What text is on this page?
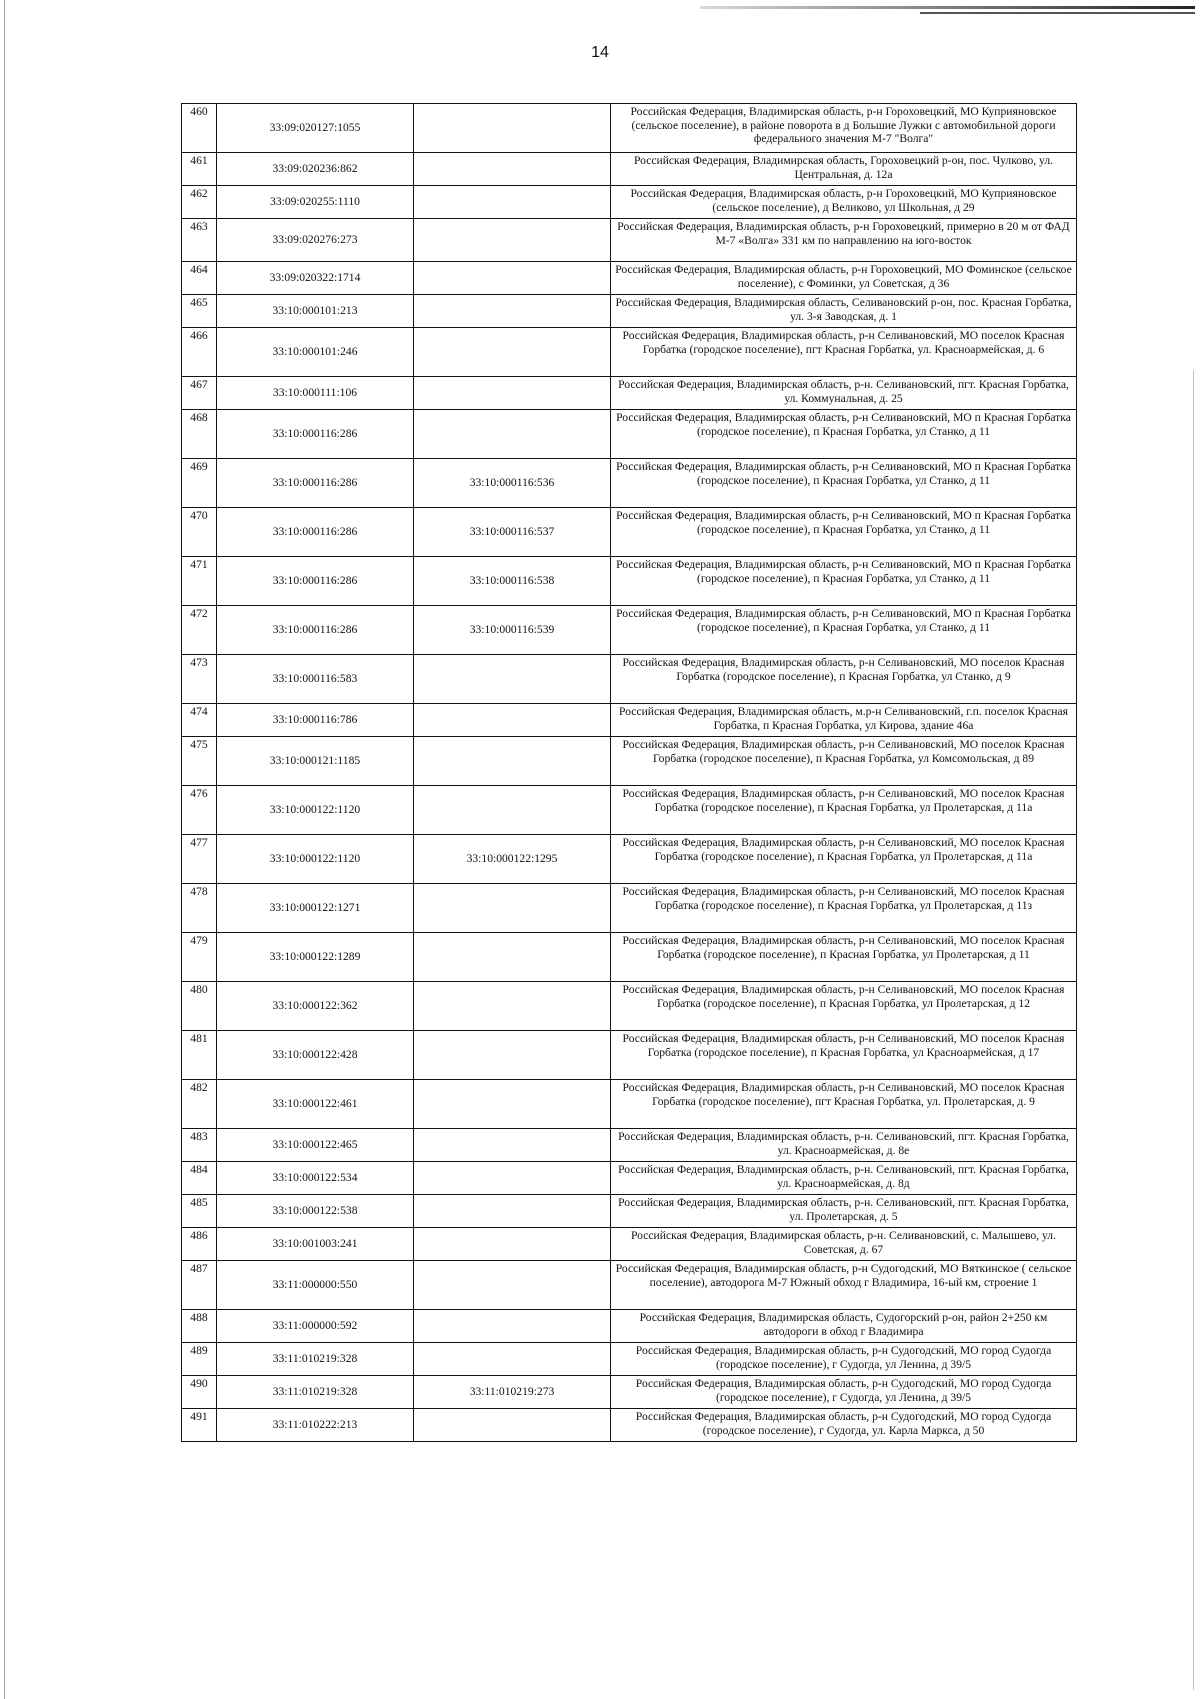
14
460	33:09:020127:1055		Российская Федерация, Владимирская область, р-н Гороховецкий, МО Куприяновское (сельское поселение), в районе поворота в д Большие Лужки с автомобильной дороги федерального значения М-7 "Волга"
461	33:09:020236:862		Российская Федерация, Владимирская область, Гороховецкий р-он, пос. Чулково, ул. Центральная, д. 12а
462	33:09:020255:1110		Российская Федерация, Владимирская область, р-н Гороховецкий, МО Куприяновское (сельское поселение), д Великово, ул Школьная, д 29
463	33:09:020276:273		Российская Федерация, Владимирская область, р-н Гороховецкий, примерно в 20 м от ФАД М-7 «Волга» 331 км по направлению на юго-восток
464	33:09:020322:1714		Российская Федерация, Владимирская область, р-н Гороховецкий, МО Фоминское (сельское поселение), с Фоминки, ул Советская, д 36
465	33:10:000101:213		Российская Федерация, Владимирская область, Селивановский р-он, пос. Красная Горбатка, ул. 3-я Заводская, д. 1
466	33:10:000101:246		Российская Федерация, Владимирская область, р-н Селивановский, МО поселок Красная Горбатка (городское поселение), пгт Красная Горбатка, ул. Красноармейская, д. 6
467	33:10:000111:106		Российская Федерация, Владимирская область, р-н. Селивановский, пгт. Красная Горбатка, ул. Коммунальная, д. 25
468	33:10:000116:286		Российская Федерация, Владимирская область, р-н Селивановский, МО п Красная Горбатка (городское поселение), п Красная Горбатка, ул Станко, д 11
469	33:10:000116:286	33:10:000116:536	Российская Федерация, Владимирская область, р-н Селивановский, МО п Красная Горбатка (городское поселение), п Красная Горбатка, ул Станко, д 11
470	33:10:000116:286	33:10:000116:537	Российская Федерация, Владимирская область, р-н Селивановский, МО п Красная Горбатка (городское поселение), п Красная Горбатка, ул Станко, д 11
471	33:10:000116:286	33:10:000116:538	Российская Федерация, Владимирская область, р-н Селивановский, МО п Красная Горбатка (городское поселение), п Красная Горбатка, ул Станко, д 11
472	33:10:000116:286	33:10:000116:539	Российская Федерация, Владимирская область, р-н Селивановский, МО п Красная Горбатка (городское поселение), п Красная Горбатка, ул Станко, д 11
473	33:10:000116:583		Российская Федерация, Владимирская область, р-н Селивановский, МО поселок Красная Горбатка (городское поселение), п Красная Горбатка, ул Станко, д 9
474	33:10:000116:786		Российская Федерация, Владимирская область, м.р-н Селивановский, г.п. поселок Красная Горбатка, п Красная Горбатка, ул Кирова, здание 46а
475	33:10:000121:1185		Российская Федерация, Владимирская область, р-н Селивановский, МО поселок Красная Горбатка (городское поселение), п Красная Горбатка, ул Комсомольская, д 89
476	33:10:000122:1120		Российская Федерация, Владимирская область, р-н Селивановский, МО поселок Красная Горбатка (городское поселение), п Красная Горбатка, ул Пролетарская, д 11а
477	33:10:000122:1120	33:10:000122:1295	Российская Федерация, Владимирская область, р-н Селивановский, МО поселок Красная Горбатка (городское поселение), п Красная Горбатка, ул Пролетарская, д 11а
478	33:10:000122:1271		Российская Федерация, Владимирская область, р-н Селивановский, МО поселок Красная Горбатка (городское поселение), п Красная Горбатка, ул Пролетарская, д 11з
479	33:10:000122:1289		Российская Федерация, Владимирская область, р-н Селивановский, МО поселок Красная Горбатка (городское поселение), п Красная Горбатка, ул Пролетарская, д 11
480	33:10:000122:362		Российская Федерация, Владимирская область, р-н Селивановский, МО поселок Красная Горбатка (городское поселение), п Красная Горбатка, ул Пролетарская, д 12
481	33:10:000122:428		Российская Федерация, Владимирская область, р-н Селивановский, МО поселок Красная Горбатка (городское поселение), п Красная Горбатка, ул Красноармейская, д 17
482	33:10:000122:461		Российская Федерация, Владимирская область, р-н Селивановский, МО поселок Красная Горбатка (городское поселение), пгт Красная Горбатка, ул. Пролетарская, д. 9
483	33:10:000122:465		Российская Федерация, Владимирская область, р-н. Селивановский, пгт. Красная Горбатка, ул. Красноармейская, д. 8е
484	33:10:000122:534		Российская Федерация, Владимирская область, р-н. Селивановский, пгт. Красная Горбатка, ул. Красноармейская, д. 8д
485	33:10:000122:538		Российская Федерация, Владимирская область, р-н. Селивановский, пгт. Красная Горбатка, ул. Пролетарская, д. 5
486	33:10:001003:241		Российская Федерация, Владимирская область, р-н. Селивановский, с. Малышево, ул. Советская, д. 67
487	33:11:000000:550		Российская Федерация, Владимирская область, р-н Судогодский, МО Вяткинское ( сельское поселение), автодорога М-7 Южный обход г Владимира, 16-ый км, строение 1
488	33:11:000000:592		Российская Федерация, Владимирская область, Судогорский р-он, район 2+250 км автодороги в обход г Владимира
489	33:11:010219:328		Российская Федерация, Владимирская область, р-н Судогодский, МО город Судогда (городское поселение), г Судогда, ул Ленина, д 39/5
490	33:11:010219:328	33:11:010219:273	Российская Федерация, Владимирская область, р-н Судогодский, МО город Судогда (городское поселение), г Судогда, ул Ленина, д 39/5
491	33:11:010222:213		Российская Федерация, Владимирская область, р-н Судогодский, МО город Судогда (городское поселение), г Судогда, ул. Карла Маркса, д 50
